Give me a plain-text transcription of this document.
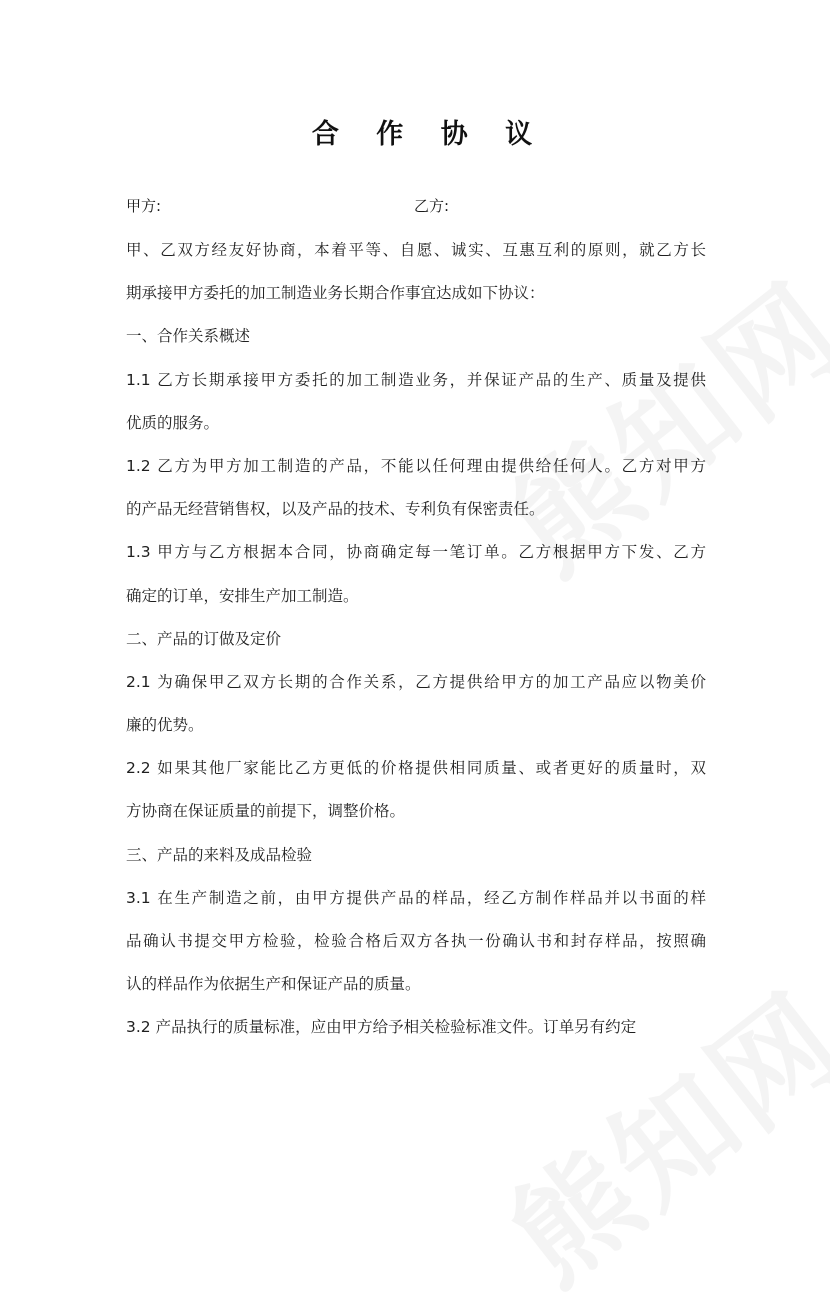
合 作 协 议
甲方:	乙方:
甲、乙双方经友好协商，本着平等、自愿、诚实、互惠互利的原则，就乙方长
期承接甲方委托的加工制造业务长期合作事宜达成如下协议：
一、合作关系概述
1.1 乙方长期承接甲方委托的加工制造业务，并保证产品的生产、质量及提供
优质的服务。
1.2 乙方为甲方加工制造的产品，不能以任何理由提供给任何人。乙方对甲方
的产品无经营销售权，以及产品的技术、专利负有保密责任。
1.3 甲方与乙方根据本合同，协商确定每一笔订单。乙方根据甲方下发、乙方
确定的订单，安排生产加工制造。
二、产品的订做及定价
2.1 为确保甲乙双方长期的合作关系，乙方提供给甲方的加工产品应以物美价
廉的优势。
2.2 如果其他厂家能比乙方更低的价格提供相同质量、或者更好的质量时，双
方协商在保证质量的前提下，调整价格。
三、产品的来料及成品检验
3.1 在生产制造之前，由甲方提供产品的样品，经乙方制作样品并以书面的样
品确认书提交甲方检验，检验合格后双方各执一份确认书和封存样品，按照确
认的样品作为依据生产和保证产品的质量。
3.2 产品执行的质量标准，应由甲方给予相关检验标准文件。订单另有约定
